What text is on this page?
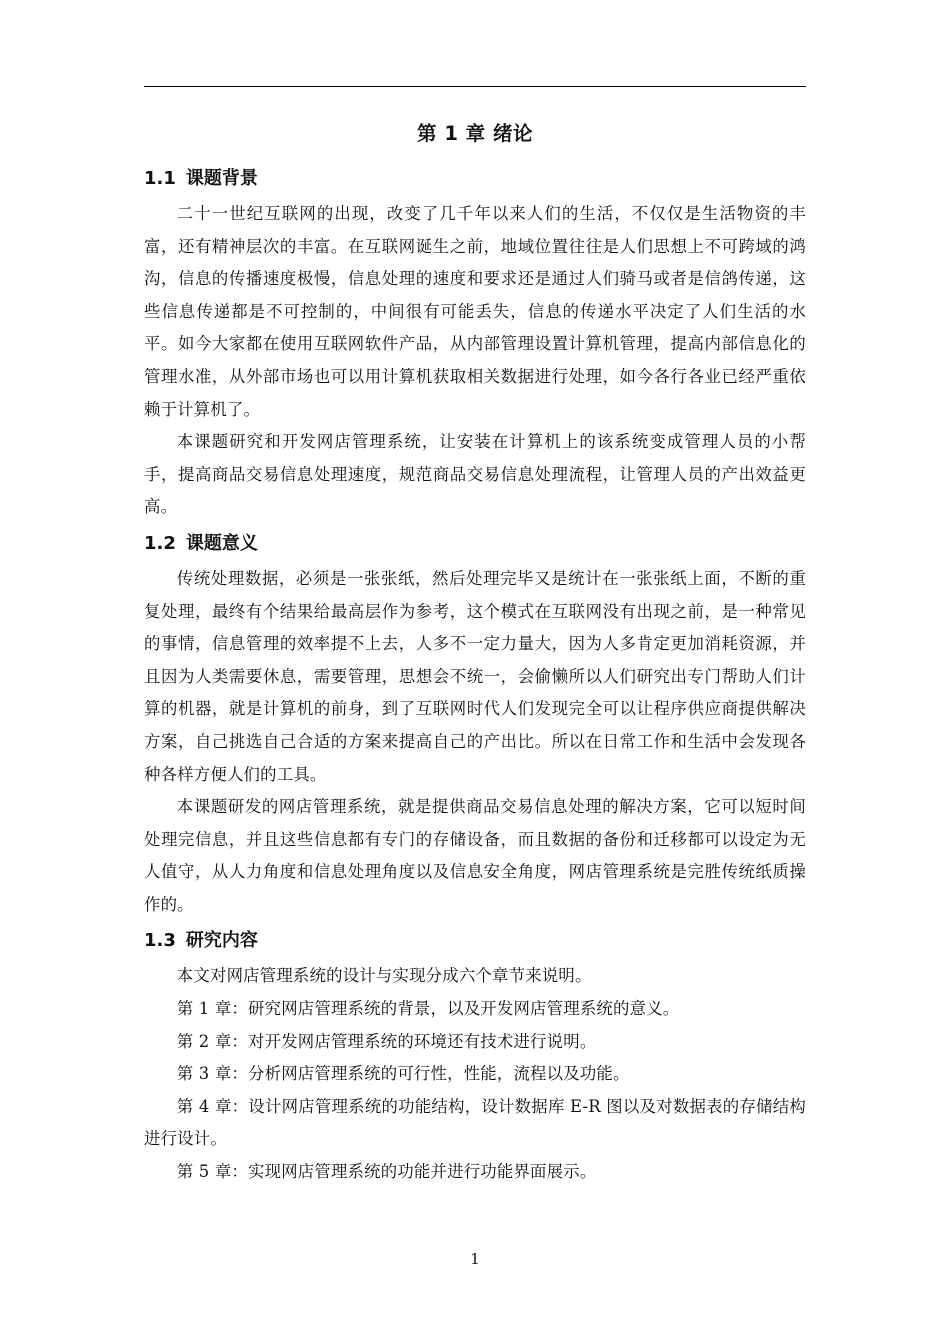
第 1 章 绪论
1.1 课题背景

二十一世纪互联网的出现，改变了几千年以来人们的生活，不仅仅是生活物资的丰富，还有精神层次的丰富。在互联网诞生之前，地域位置往往是人们思想上不可跨域的鸿沟，信息的传播速度极慢，信息处理的速度和要求还是通过人们骑马或者是信鸽传递，这些信息传递都是不可控制的，中间很有可能丢失，信息的传递水平决定了人们生活的水平。如今大家都在使用互联网软件产品，从内部管理设置计算机管理，提高内部信息化的管理水准，从外部市场也可以用计算机获取相关数据进行处理，如今各行各业已经严重依赖于计算机了。

本课题研究和开发网店管理系统，让安装在计算机上的该系统变成管理人员的小帮手，提高商品交易信息处理速度，规范商品交易信息处理流程，让管理人员的产出效益更高。

1.2 课题意义

传统处理数据，必须是一张张纸，然后处理完毕又是统计在一张张纸上面，不断的重复处理，最终有个结果给最高层作为参考，这个模式在互联网没有出现之前，是一种常见的事情，信息管理的效率提不上去，人多不一定力量大，因为人多肯定更加消耗资源，并且因为人类需要休息，需要管理，思想会不统一，会偷懒所以人们研究出专门帮助人们计算的机器，就是计算机的前身，到了互联网时代人们发现完全可以让程序供应商提供解决方案，自己挑选自己合适的方案来提高自己的产出比。所以在日常工作和生活中会发现各种各样方便人们的工具。

本课题研发的网店管理系统，就是提供商品交易信息处理的解决方案，它可以短时间处理完信息，并且这些信息都有专门的存储设备，而且数据的备份和迁移都可以设定为无人值守，从人力角度和信息处理角度以及信息安全角度，网店管理系统是完胜传统纸质操作的。

1.3 研究内容

本文对网店管理系统的设计与实现分成六个章节来说明。

第 1 章：研究网店管理系统的背景，以及开发网店管理系统的意义。

第 2 章：对开发网店管理系统的环境还有技术进行说明。

第 3 章：分析网店管理系统的可行性，性能，流程以及功能。

第 4 章：设计网店管理系统的功能结构，设计数据库 E-R 图以及对数据表的存储结构进行设计。

第 5 章：实现网店管理系统的功能并进行功能界面展示。

1
